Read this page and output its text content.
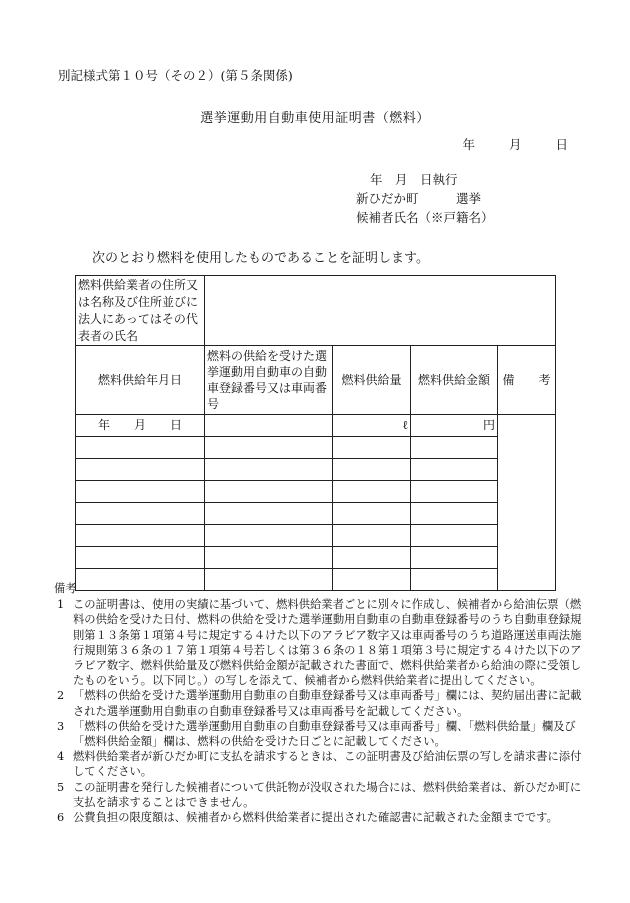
別記様式第１０号（その２）(第５条関係)
選挙運動用自動車使用証明書（燃料）
年	月	日
年　月　日執行
新ひだか町　　　選挙
候補者氏名（※戸籍名）
次のとおり燃料を使用したものであることを証明します。
燃料供給業者の住所又は名称及び住所並びに法人にあってはその代表者の氏名				
燃料供給年月日	燃料の供給を受けた選挙運動用自動車の自動車登録番号又は車両番号	燃料供給量	燃料供給金額	備　　考
年　　月　　日		ℓ	円	

備考
1 この証明書は、使用の実績に基づいて、燃料供給業者ごとに別々に作成し、候補者から給油伝票（燃料の供給を受けた日付、燃料の供給を受けた選挙運動用自動車の自動車登録番号のうち自動車登録規則第１３条第１項第４号に規定する４けた以下のアラビア数字又は車両番号のうち道路運送車両法施行規則第３６条の１７第１項第４号若しくは第３６条の１８第１項第３号に規定する４けた以下のアラビア数字、燃料供給量及び燃料供給金額が記載された書面で、燃料供給業者から給油の際に受領したものをいう。以下同じ。）の写しを添えて、候補者から燃料供給業者に提出してください。
2 「燃料の供給を受けた選挙運動用自動車の自動車登録番号又は車両番号」欄には、契約届出書に記載された選挙運動用自動車の自動車登録番号又は車両番号を記載してください。
3 「燃料の供給を受けた選挙運動用自動車の自動車登録番号又は車両番号」欄、「燃料供給量」欄及び「燃料供給金額」欄は、燃料の供給を受けた日ごとに記載してください。
4 燃料供給業者が新ひだか町に支払を請求するときは、この証明書及び給油伝票の写しを請求書に添付してください。
5 この証明書を発行した候補者について供託物が没収された場合には、燃料供給業者は、新ひだか町に支払を請求することはできません。
6 公費負担の限度額は、候補者から燃料供給業者に提出された確認書に記載された金額までです。
